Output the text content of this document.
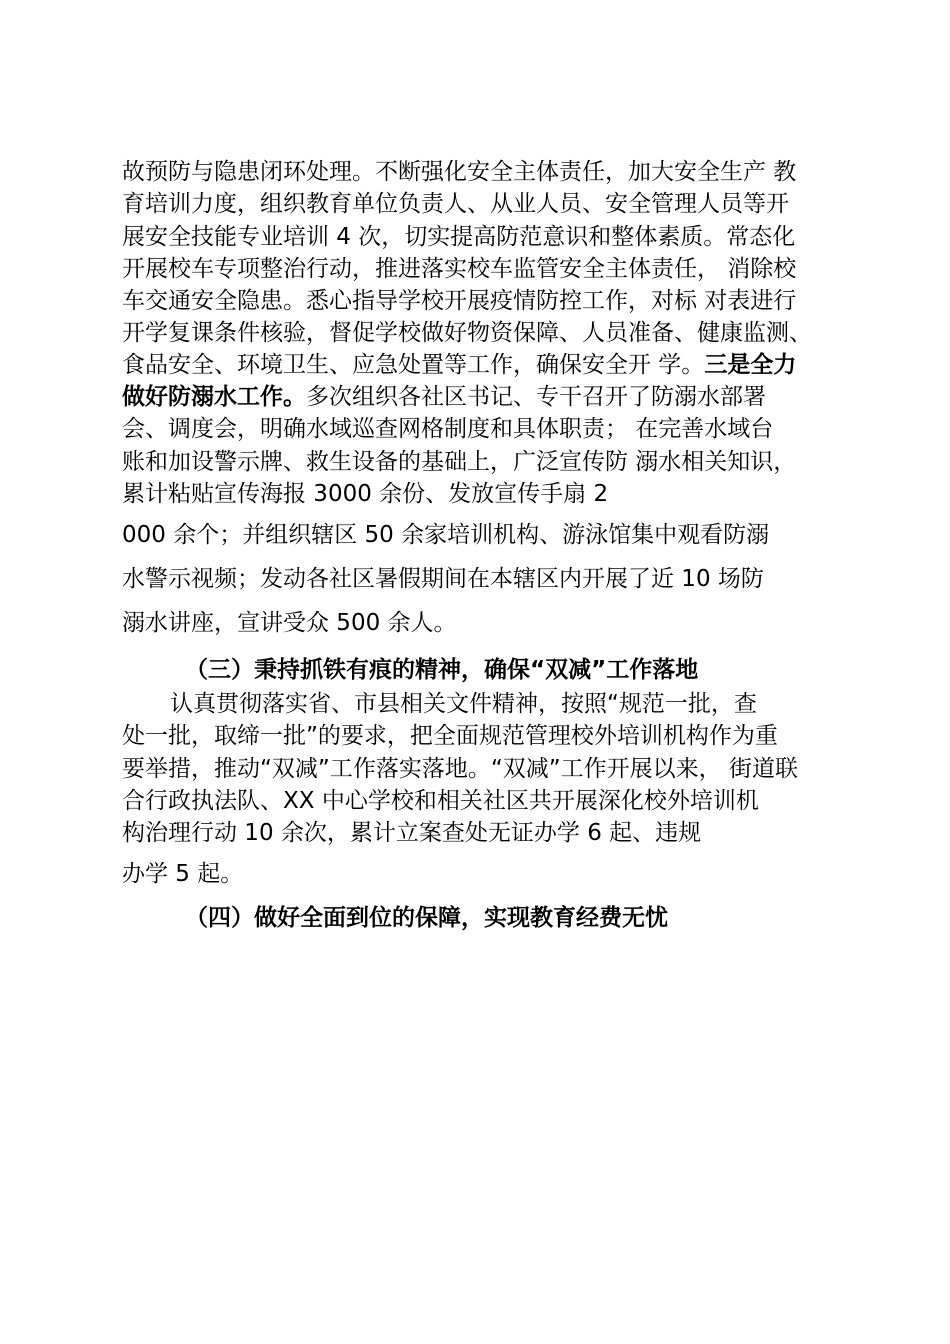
故预防与隐患闭环处理。不断强化安全主体责任，加大安全生产 教
育培训力度，组织教育单位负责人、从业人员、安全管理人员等开
展安全技能专业培训 4 次，切实提高防范意识和整体素质。常态化
开展校车专项整治行动，推进落实校车监管安全主体责任， 消除校
车交通安全隐患。悉心指导学校开展疫情防控工作，对标 对表进行
开学复课条件核验，督促学校做好物资保障、人员准备、健康监测、
食品安全、环境卫生、应急处置等工作，确保安全开 学。三是全力
做好防溺水工作。多次组织各社区书记、专干召开了防溺水部署
会、调度会，明确水域巡查网格制度和具体职责； 在完善水域台
账和加设警示牌、救生设备的基础上，广泛宣传防 溺水相关知识，
累计粘贴宣传海报 3000 余份、发放宣传手扇 2
000 余个；并组织辖区 50 余家培训机构、游泳馆集中观看防溺
水警示视频；发动各社区暑假期间在本辖区内开展了近 10 场防
溺水讲座，宣讲受众 500 余人。
（三）秉持抓铁有痕的精神，确保“双减”工作落地
认真贯彻落实省、市县相关文件精神，按照“规范一批，查
处一批，取缔一批”的要求，把全面规范管理校外培训机构作为重
要举措，推动“双减”工作落实落地。“双减”工作开展以来， 街道联
合行政执法队、XX 中心学校和相关社区共开展深化校外培训机
构治理行动 10 余次，累计立案查处无证办学 6 起、违规
办学 5 起。
（四）做好全面到位的保障，实现教育经费无忧
